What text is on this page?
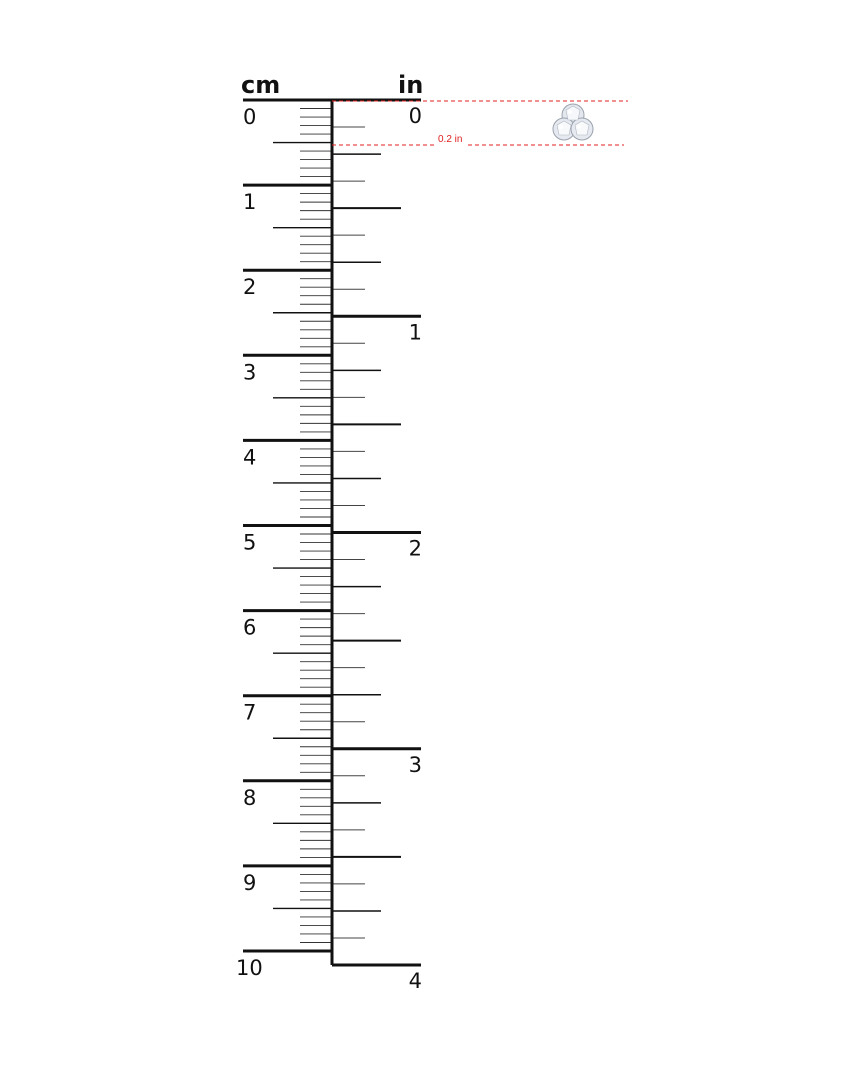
cm	in
0
1
2
3
4
5
6
7
8
9
10
0
1
2
3
4
0.2 in
